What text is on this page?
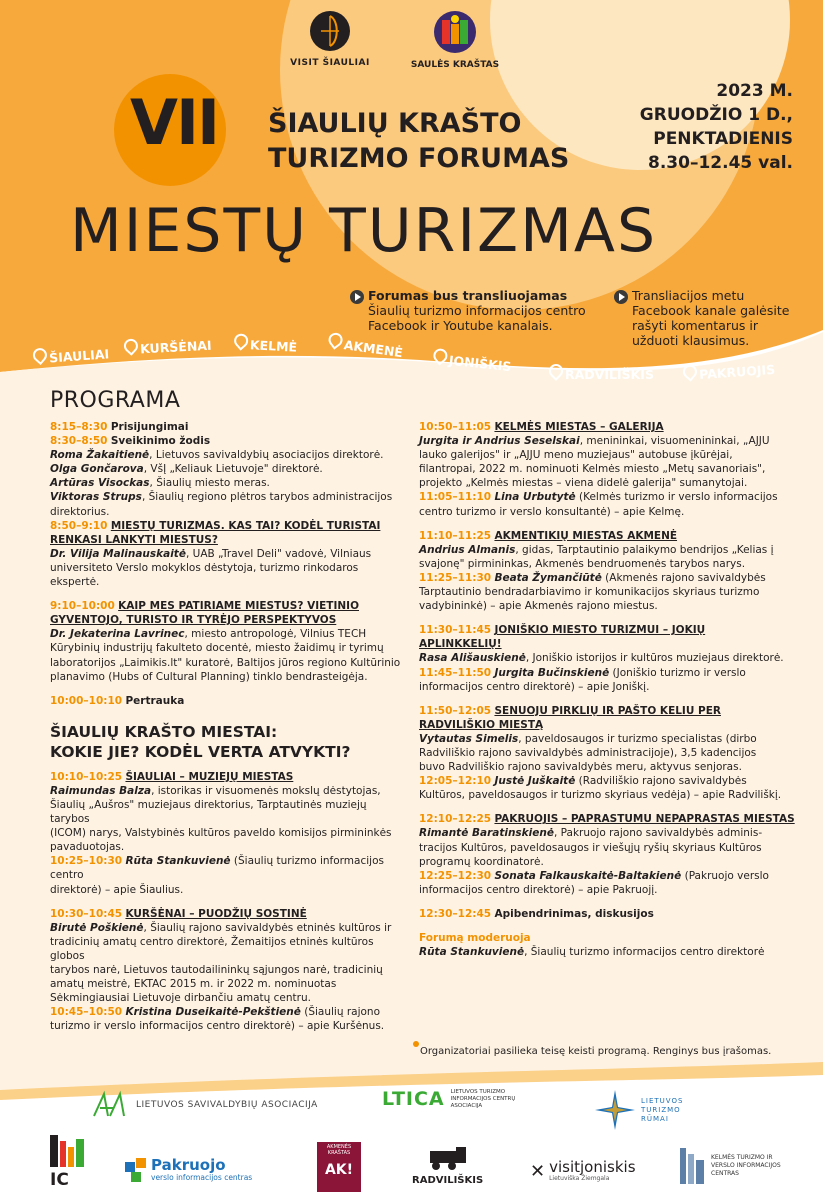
VISIT ŠIAULIAI	SAULĖS KRAŠTAS
VII ŠIAULIŲ KRAŠTO
TURIZMO FORUMAS
2023 M.
GRUODŽIO 1 D.,
PENKTADIENIS
8.30–12.45 val.
MIESTŲ TURIZMAS
Forumas bus transliuojamas
Šiaulių turizmo informacijos centro
Facebook ir Youtube kanalais.
Transliacijos metu
Facebook kanale galėsite
rašyti komentarus ir
užduoti klausimus.
ŠIAULIAI KURŠĖNAI	KELMĖ	AKMENĖ
JONIŠKIS
RADVILIŠKIS	PAKRUOJIS
PROGRAMA

8:15–8:30 Prisijungimai

8:30–8:50 Sveikinimo žodis

Roma Žakaitienė, Lietuvos savivaldybių asociacijos direktorė.

Olga Gončarova, VšĮ „Keliauk Lietuvoje" direktorė.

Artūras Visockas, Šiaulių miesto meras.

Viktoras Strups, Šiaulių regiono plėtros tarybos administracijos

direktorius.

8:50–9:10 MIESTŲ TURIZMAS. KAS TAI? KODĖL TURISTAI

RENKASI LANKYTI MIESTUS?

Dr. Vilija Malinauskaitė, UAB „Travel Deli" vadovė, Vilniaus

universiteto Verslo mokyklos dėstytoja, turizmo rinkodaros ekspertė.

9:10–10:00 KAIP MES PATIRIAME MIESTUS? VIETINIO

GYVENTOJO, TURISTO IR TYRĖJO PERSPEKTYVOS

Dr. Jekaterina Lavrinec, miesto antropologė, Vilnius TECH

Kūrybinių industrijų fakulteto docentė, miesto žaidimų ir tyrimų

laboratorijos „Laimikis.lt" kuratorė, Baltijos jūros regiono Kultūrinio

planavimo (Hubs of Cultural Planning) tinklo bendrasteigėja.

10:00–10:10 Pertrauka

ŠIAULIŲ KRAŠTO MIESTAI:
KOKIE JIE? KODĖL VERTA ATVYKTI?

10:10–10:25 ŠIAULIAI – MUZIEJŲ MIESTAS

Raimundas Balza, istorikas ir visuomenės mokslų dėstytojas,

Šiaulių „Aušros" muziejaus direktorius, Tarptautinės muziejų tarybos

(ICOM) narys, Valstybinės kultūros paveldo komisijos pirmininkės

pavaduotojas.

10:25–10:30 Rūta Stankuvienė (Šiaulių turizmo informacijos centro

direktorė) – apie Šiaulius.

10:30–10:45 KURŠĖNAI – PUODŽIŲ SOSTINĖ

Birutė Poškienė, Šiaulių rajono savivaldybės etninės kultūros ir

tradicinių amatų centro direktorė, Žemaitijos etninės kultūros globos

tarybos narė, Lietuvos tautodailininkų sąjungos narė, tradicinių

amatų meistrė, EKTAC 2015 m. ir 2022 m. nominuotas

Sėkmingiausiai Lietuvoje dirbančiu amatų centru.

10:45–10:50 Kristina Duseikaitė-Pekštienė (Šiaulių rajono

turizmo ir verslo informacijos centro direktorė) – apie Kuršėnus.

10:50–11:05 KELMĖS MIESTAS – GALERIJA

Jurgita ir Andrius Seselskai, menininkai, visuomenininkai, „AJJU

lauko galerijos" ir „AJJU meno muziejaus" autobuse įkūrėjai,

filantropai, 2022 m. nominuoti Kelmės miesto „Metų savanoriais",

projekto „Kelmės miestas – viena didelė galerija" sumanytojai.

11:05–11:10 Lina Urbutytė (Kelmės turizmo ir verslo informacijos

centro turizmo ir verslo konsultantė) – apie Kelmę.

11:10–11:25 AKMENTIKIŲ MIESTAS AKMENĖ

Andrius Almanis, gidas, Tarptautinio palaikymo bendrijos „Kelias į

svajonę" pirmininkas, Akmenės bendruomenės tarybos narys.

11:25–11:30 Beata Žymančiūtė (Akmenės rajono savivaldybės

Tarptautinio bendradarbiavimo ir komunikacijos skyriaus turizmo

vadybininkė) – apie Akmenės rajono miestus.

11:30–11:45 JONIŠKIO MIESTO TURIZMUI – JOKIŲ

APLINKKELIŲ!

Rasa Ališauskienė, Joniškio istorijos ir kultūros muziejaus direktorė.

11:45–11:50 Jurgita Bučinskienė (Joniškio turizmo ir verslo

informacijos centro direktorė) – apie Joniškį.

11:50–12:05 SENUOJU PIRKLIŲ IR PAŠTO KELIU PER

RADVILIŠKIO MIESTĄ

Vytautas Simelis, paveldosaugos ir turizmo specialistas (dirbo

Radviliškio rajono savivaldybės administracijoje), 3,5 kadencijos

buvo Radviliškio rajono savivaldybės meru, aktyvus senjoras.

12:05–12:10 Justė Juškaitė (Radviliškio rajono savivaldybės

Kultūros, paveldosaugos ir turizmo skyriaus vedėja) – apie Radviliškį.

12:10–12:25 PAKRUOJIS – PAPRASTUMU NEPAPRASTAS MIESTAS

Rimantė Baratinskienė, Pakruojo rajono savivaldybės adminis-

tracijos Kultūros, paveldosaugos ir viešųjų ryšių skyriaus Kultūros

programų koordinatorė.

12:25–12:30 Sonata Falkauskaitė-Baltakienė (Pakruojo verslo

informacijos centro direktorė) – apie Pakruojį.

12:30–12:45 Apibendrinimas, diskusijos

Forumą moderuoja

Rūta Stankuvienė, Šiaulių turizmo informacijos centro direktorė

Organizatoriai pasilieka teisę keisti programą. Renginys bus įrašomas.
LIETUVOS SAVIVALDYBIŲ ASOCIACIJA	LTICA LIETUVOS TURIZMO
INFORMACIJOS CENTRŲ
ASOCIACIJA
LIETUVOS
TURIZMO
RŪMAI
IC
Pakruojo
verslo informacijos centras
AKMENĖS
KRAŠTAS
AK!
RADVILIŠKIS	✕ visitjoniskis
Lietuviška Žiemgala
KELMĖS TURIZMO IR
VERSLO INFORMACIJOS
CENTRAS
